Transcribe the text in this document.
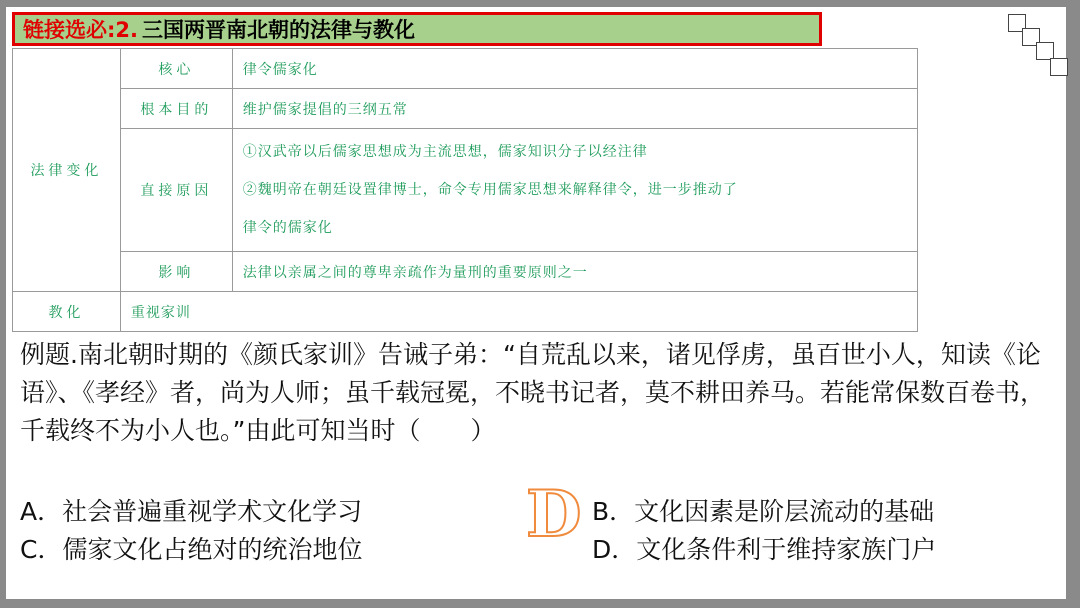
链接选必:2. 三国两晋南北朝的法律与教化
法律变化	核心	律令儒家化
	根本目的	维护儒家提倡的三纲五常
	直接原因	①汉武帝以后儒家思想成为主流思想，儒家知识分子以经注律
②魏明帝在朝廷设置律博士，命令专用儒家思想来解释律令，进一步推动了
律令的儒家化

	影响	法律以亲属之间的尊卑亲疏作为量刑的重要原则之一

教化	重视家训	
例题.南北朝时期的《颜氏家训》告诫子弟：“自荒乱以来，诸见俘虏，虽百世小人，知读《论语》、《孝经》者，尚为人师；虽千载冠冕，不晓书记者，莫不耕田养马。若能常保数百卷书，千载终不为小人也。”由此可知当时（　　）
A．社会普遍重视学术文化学习	B．文化因素是阶层流动的基础
C．儒家文化占绝对的统治地位	D．文化条件利于维持家族门户
D
